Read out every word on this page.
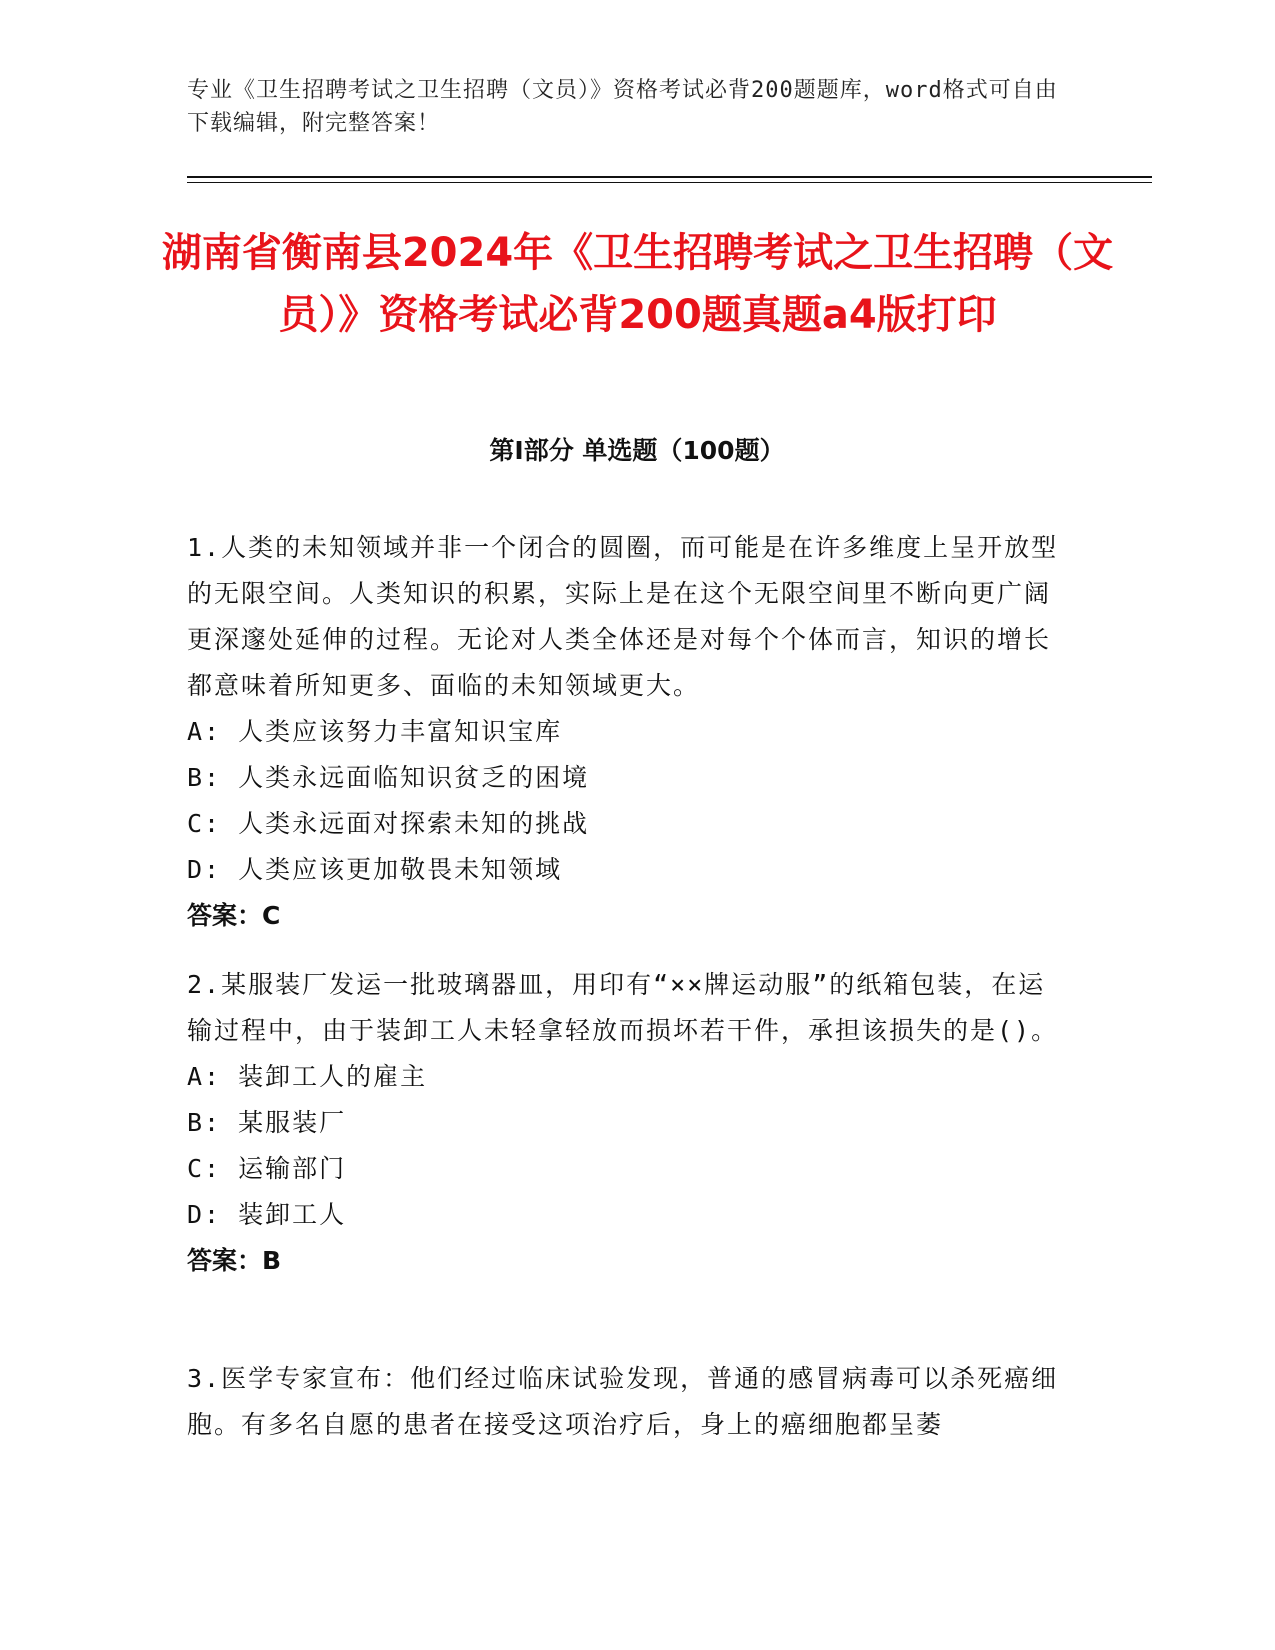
专业《卫生招聘考试之卫生招聘（文员）》资格考试必背200题题库，word格式可自由下载编辑，附完整答案！
湖南省衡南县2024年《卫生招聘考试之卫生招聘（文员）》资格考试必背200题真题a4版打印
第Ⅰ部分 单选题（100题）

1.人类的未知领域并非一个闭合的圆圈，而可能是在许多维度上呈开放型的无限空间。人类知识的积累，实际上是在这个无限空间里不断向更广阔更深邃处延伸的过程。无论对人类全体还是对每个个体而言，知识的增长都意味着所知更多、面临的未知领域更大。

A: 人类应该努力丰富知识宝库

B: 人类永远面临知识贫乏的困境

C: 人类永远面对探索未知的挑战

D: 人类应该更加敬畏未知领域

答案：C

2.某服装厂发运一批玻璃器皿，用印有“××牌运动服”的纸箱包装，在运输过程中，由于装卸工人未轻拿轻放而损坏若干件，承担该损失的是()。

A: 装卸工人的雇主

B: 某服装厂

C: 运输部门

D: 装卸工人

答案：B

3.医学专家宣布：他们经过临床试验发现，普通的感冒病毒可以杀死癌细胞。有多名自愿的患者在接受这项治疗后，身上的癌细胞都呈萎
